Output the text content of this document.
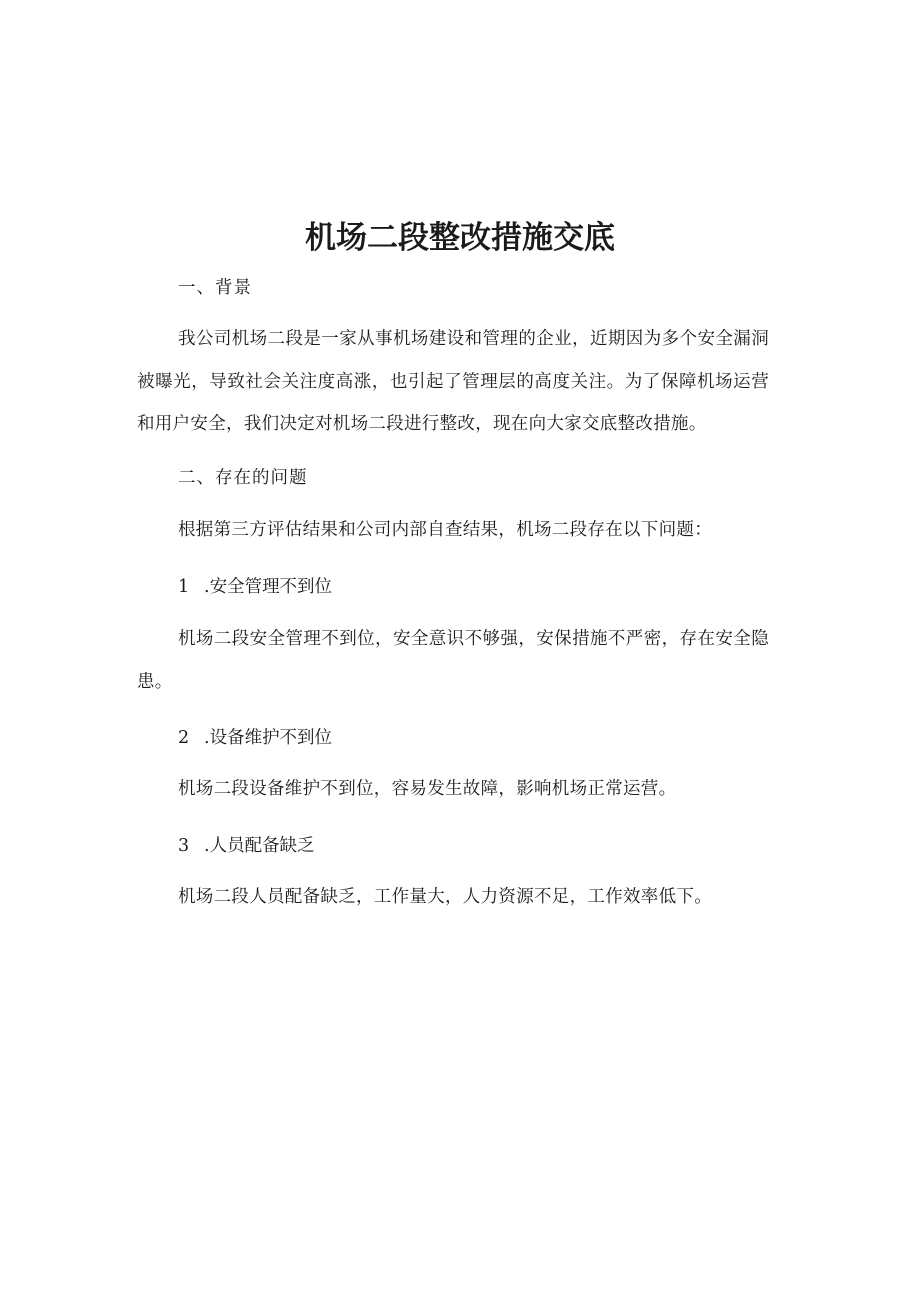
机场二段整改措施交底
一、背景
我公司机场二段是一家从事机场建设和管理的企业，近期因为多个安全漏洞被曝光，导致社会关注度高涨，也引起了管理层的高度关注。为了保障机场运营和用户安全，我们决定对机场二段进行整改，现在向大家交底整改措施。
二、存在的问题
根据第三方评估结果和公司内部自查结果，机场二段存在以下问题：
1 .安全管理不到位
机场二段安全管理不到位，安全意识不够强，安保措施不严密，存在安全隐患。
2 .设备维护不到位
机场二段设备维护不到位，容易发生故障，影响机场正常运营。
3 .人员配备缺乏
机场二段人员配备缺乏，工作量大，人力资源不足，工作效率低下。
